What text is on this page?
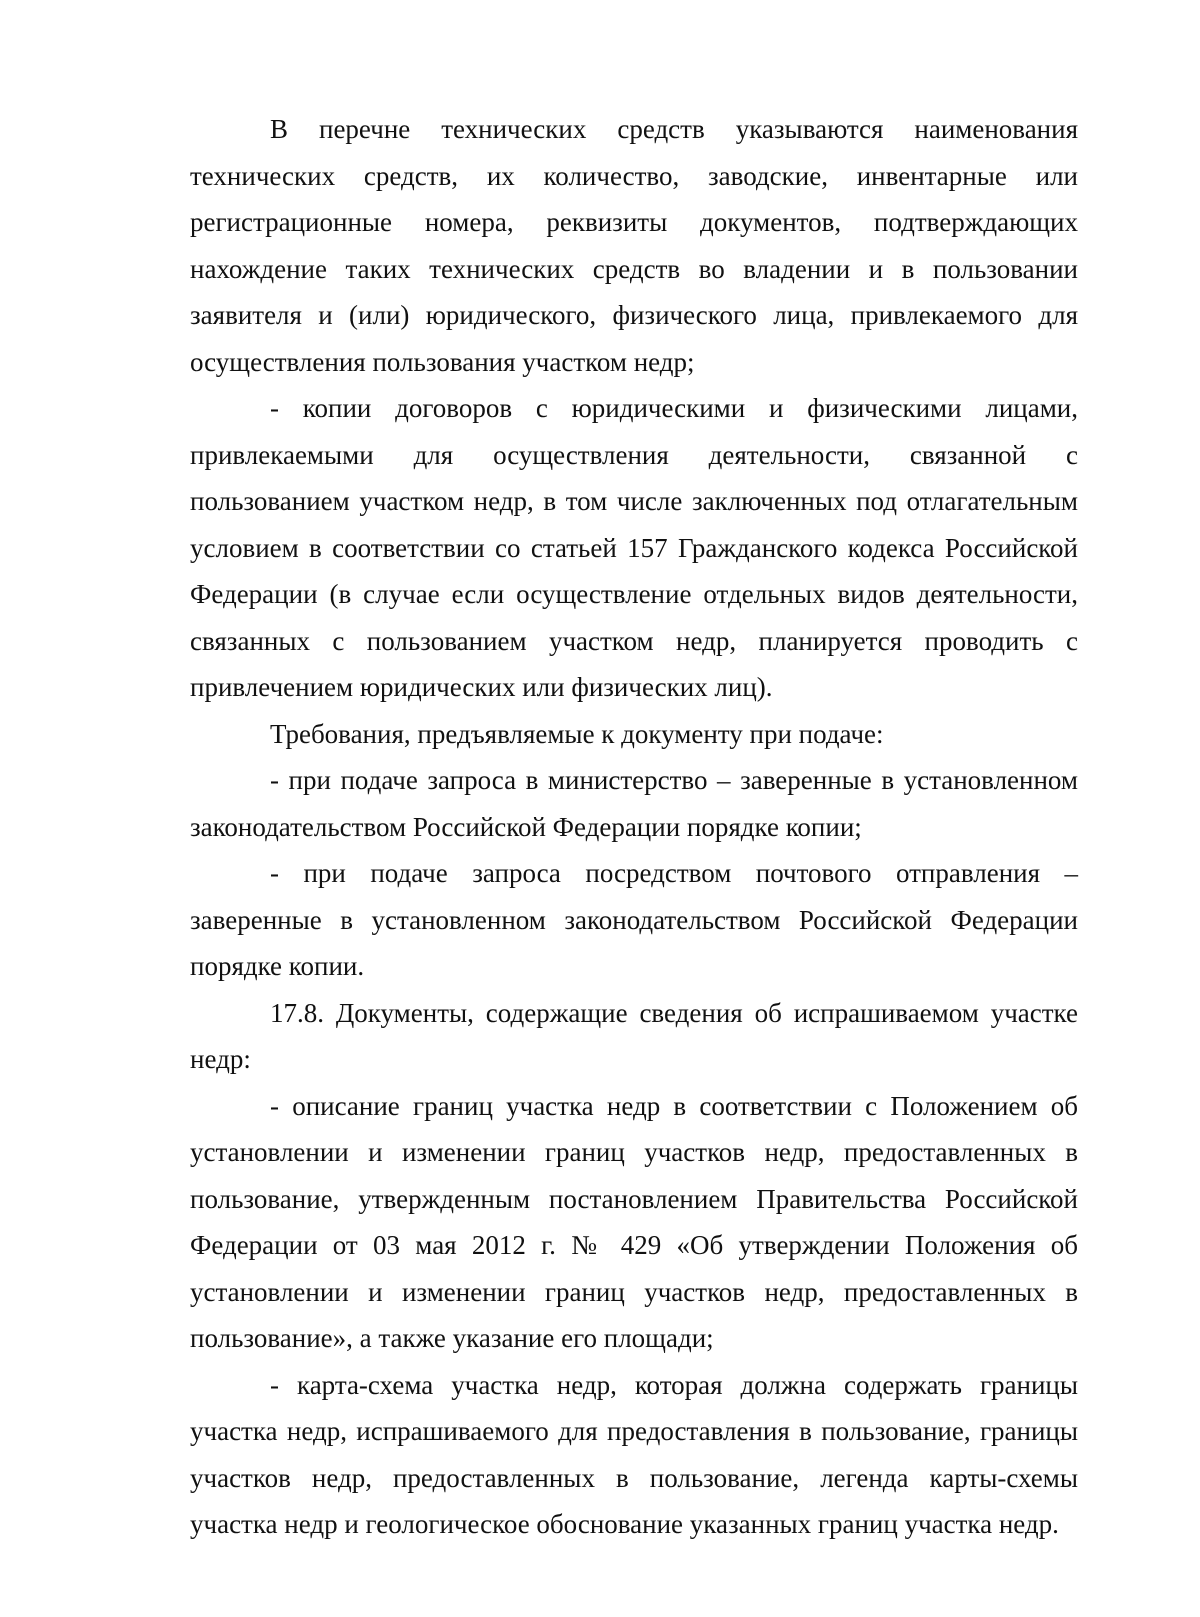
В перечне технических средств указываются наименования технических средств, их количество, заводские, инвентарные или регистрационные номера, реквизиты документов, подтверждающих нахождение таких технических средств во владении и в пользовании заявителя и (или) юридического, физического лица, привлекаемого для осуществления пользования участком недр;

- копии договоров с юридическими и физическими лицами, привлекаемыми для осуществления деятельности, связанной с пользованием участком недр, в том числе заключенных под отлагательным условием в соответствии со статьей 157 Гражданского кодекса Российской Федерации (в случае если осуществление отдельных видов деятельности, связанных с пользованием участком недр, планируется проводить с привлечением юридических или физических лиц).

Требования, предъявляемые к документу при подаче:

- при подаче запроса в министерство – заверенные в установленном законодательством Российской Федерации порядке копии;

- при подаче запроса посредством почтового отправления – заверенные в установленном законодательством Российской Федерации порядке копии.

17.8. Документы, содержащие сведения об испрашиваемом участке недр:

- описание границ участка недр в соответствии с Положением об установлении и изменении границ участков недр, предоставленных в пользование, утвержденным постановлением Правительства Российской Федерации от 03 мая 2012 г. № 429 «Об утверждении Положения об установлении и изменении границ участков недр, предоставленных в пользование», а также указание его площади;

- карта-схема участка недр, которая должна содержать границы участка недр, испрашиваемого для предоставления в пользование, границы участков недр, предоставленных в пользование, легенда карты-схемы участка недр и геологическое обоснование указанных границ участка недр.
